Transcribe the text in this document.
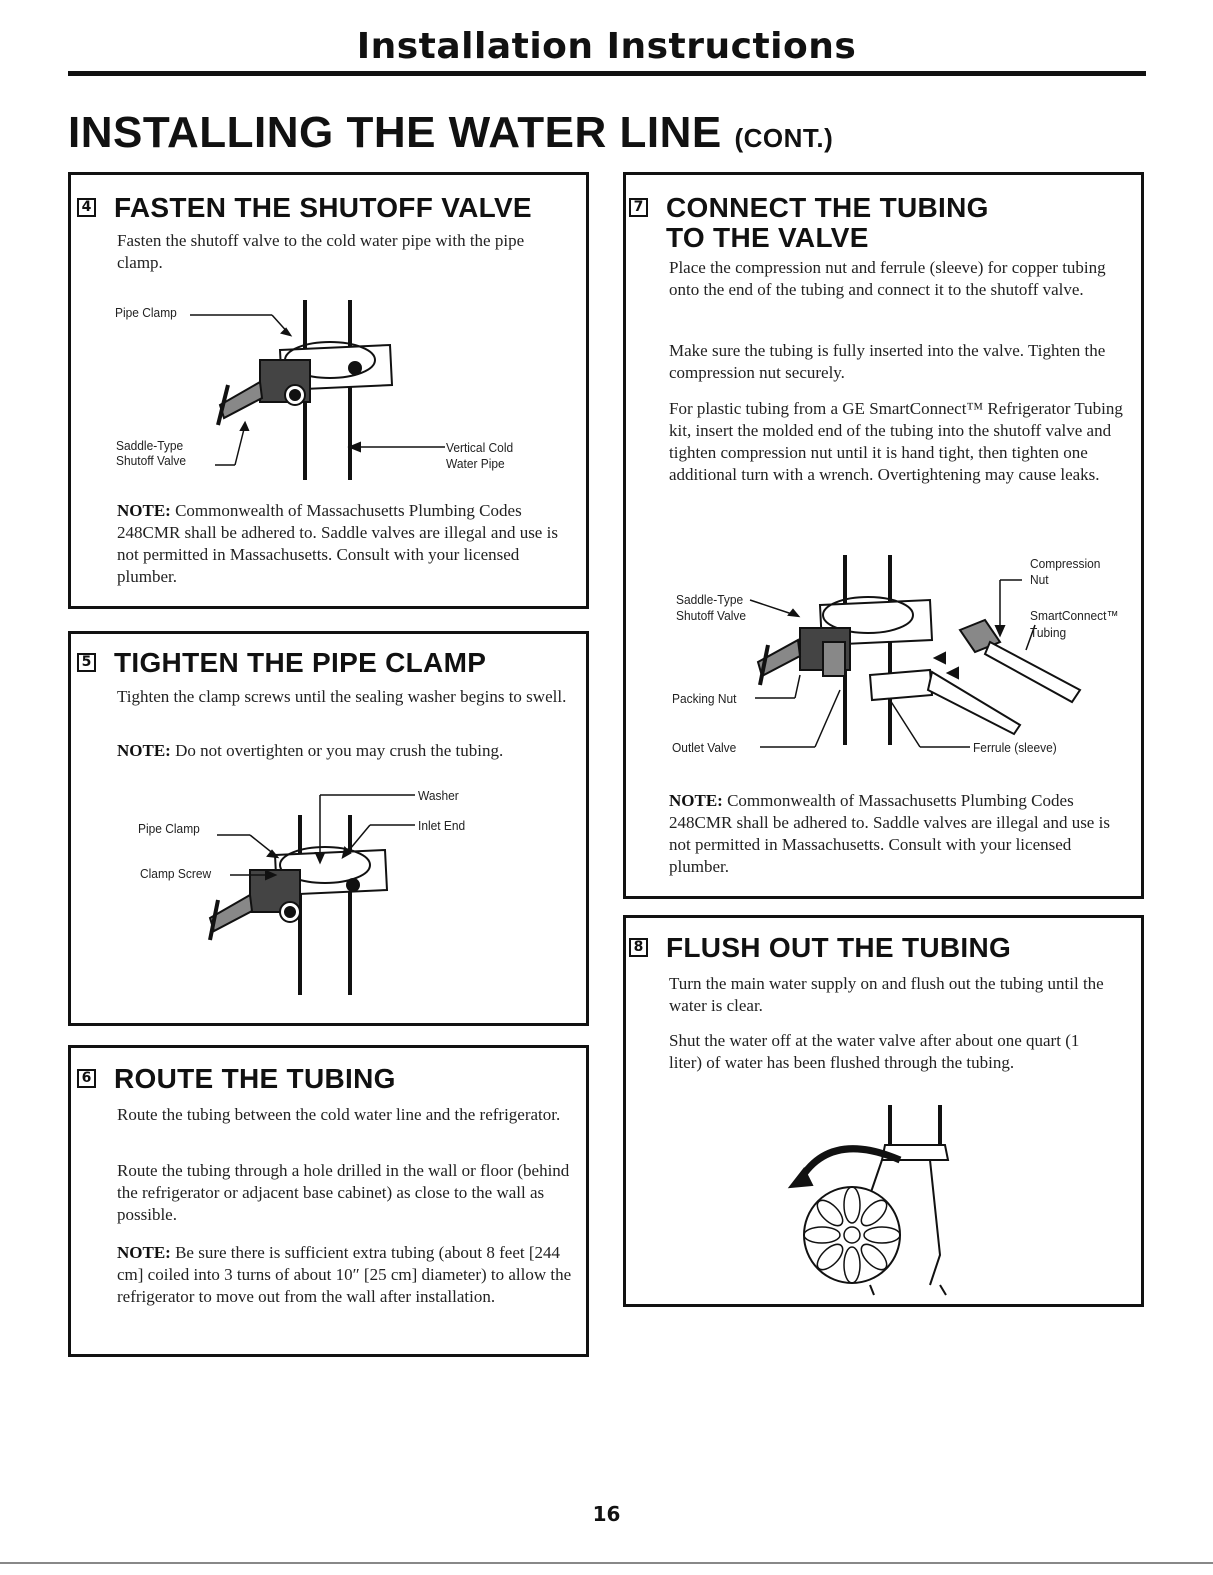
Installation Instructions
INSTALLING THE WATER LINE (CONT.)
4 FASTEN THE SHUTOFF VALVE
Fasten the shutoff valve to the cold water pipe with the pipe clamp.
Pipe Clamp
Saddle-Type
Shutoff Valve
Vertical Cold
Water Pipe
NOTE: Commonwealth of Massachusetts Plumbing Codes 248CMR shall be adhered to. Saddle valves are illegal and use is not permitted in Massachusetts. Consult with your licensed plumber.
5 TIGHTEN THE PIPE CLAMP
Tighten the clamp screws until the sealing washer begins to swell.
NOTE: Do not overtighten or you may crush the tubing.
Washer
Inlet End
Pipe Clamp
Clamp Screw
6 ROUTE THE TUBING
Route the tubing between the cold water line and the refrigerator.
Route the tubing through a hole drilled in the wall or floor (behind the refrigerator or adjacent base cabinet) as close to the wall as possible.
NOTE: Be sure there is sufficient extra tubing (about 8 feet [244 cm] coiled into 3 turns of about 10″ [25 cm] diameter) to allow the refrigerator to move out from the wall after installation.
7 CONNECT THE TUBING
TO THE VALVE
Place the compression nut and ferrule (sleeve) for copper tubing onto the end of the tubing and connect it to the shutoff valve.
Make sure the tubing is fully inserted into the valve. Tighten the compression nut securely.
For plastic tubing from a GE SmartConnect™ Refrigerator Tubing kit, insert the molded end of the tubing into the shutoff valve and tighten compression nut until it is hand tight, then tighten one additional turn with a wrench. Overtightening may cause leaks.
Compression
Nut
Saddle-Type
Shutoff Valve	SmartConnect™
Tubing
Packing Nut
Outlet Valve	Ferrule (sleeve)
NOTE: Commonwealth of Massachusetts Plumbing Codes 248CMR shall be adhered to. Saddle valves are illegal and use is not permitted in Massachusetts. Consult with your licensed plumber.
8 FLUSH OUT THE TUBING
Turn the main water supply on and flush out the tubing until the water is clear.
Shut the water off at the water valve after about one quart (1 liter) of water has been flushed through the tubing.
16
